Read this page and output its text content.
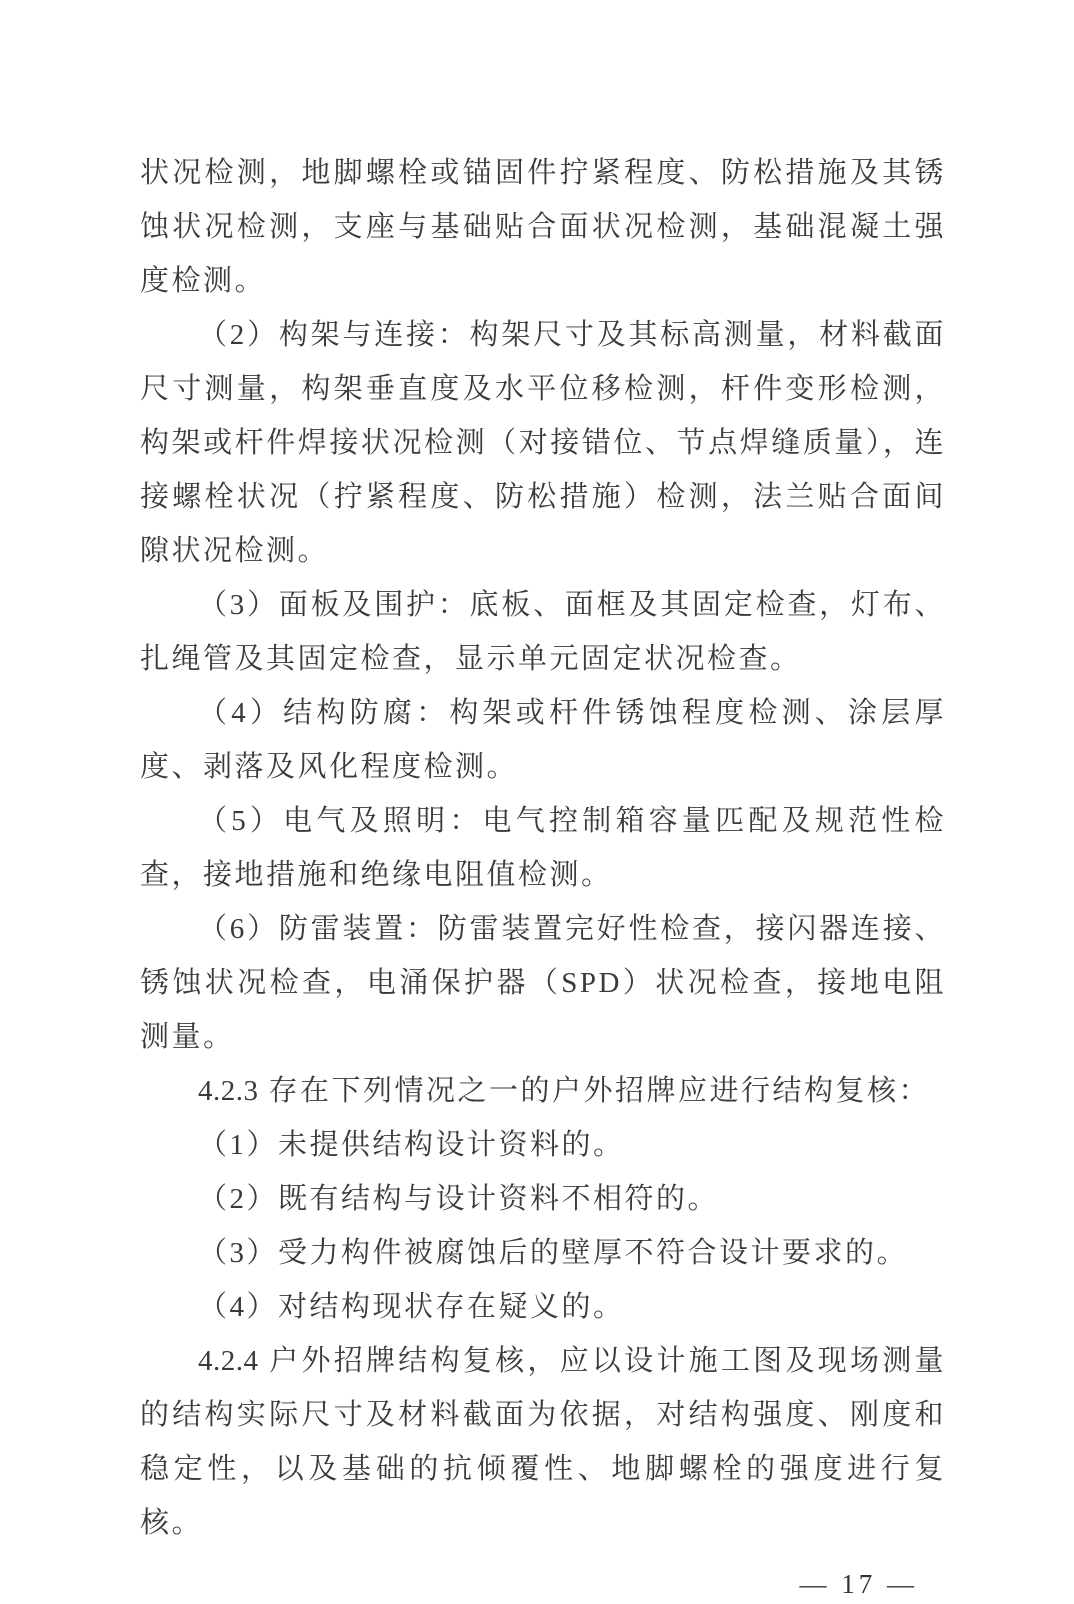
状况检测，地脚螺栓或锚固件拧紧程度、防松措施及其锈蚀状况检测，支座与基础贴合面状况检测，基础混凝土强度检测。

（2）构架与连接：构架尺寸及其标高测量，材料截面尺寸测量，构架垂直度及水平位移检测，杆件变形检测，构架或杆件焊接状况检测（对接错位、节点焊缝质量），连接螺栓状况（拧紧程度、防松措施）检测，法兰贴合面间隙状况检测。

（3）面板及围护：底板、面框及其固定检查，灯布、扎绳管及其固定检查，显示单元固定状况检查。

（4）结构防腐：构架或杆件锈蚀程度检测、涂层厚度、剥落及风化程度检测。

（5）电气及照明：电气控制箱容量匹配及规范性检查，接地措施和绝缘电阻值检测。

（6）防雷装置：防雷装置完好性检查，接闪器连接、锈蚀状况检查，电涌保护器（SPD）状况检查，接地电阻测量。

4.2.3 存在下列情况之一的户外招牌应进行结构复核：

（1）未提供结构设计资料的。

（2）既有结构与设计资料不相符的。

（3）受力构件被腐蚀后的壁厚不符合设计要求的。

（4）对结构现状存在疑义的。

4.2.4 户外招牌结构复核，应以设计施工图及现场测量的结构实际尺寸及材料截面为依据，对结构强度、刚度和稳定性，以及基础的抗倾覆性、地脚螺栓的强度进行复核。

— 17 —
